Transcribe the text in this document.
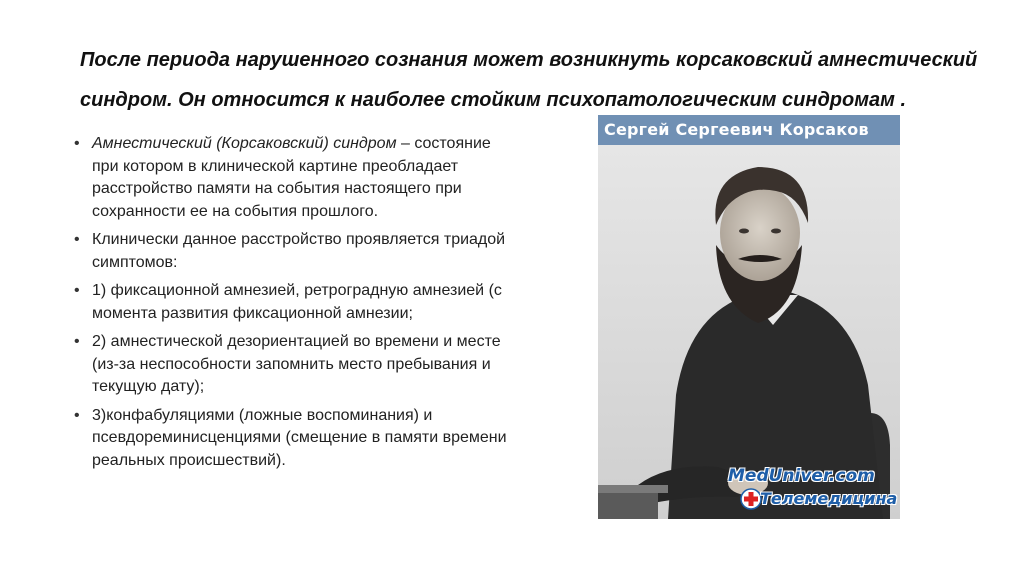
После периода нарушенного сознания может возникнуть корсаковский амнестический
синдром. Он относится к наиболее стойким психопатологическим синдромам .
• Амнестический (Корсаковский) синдром – состояние при котором в клинической картине преобладает расстройство памяти на события настоящего при сохранности ее на события прошлого.
• Клинически данное расстройство проявляется триадой симптомов:
• 1) фиксационной амнезией, ретроградную амнезией (с момента развития фиксационной амнезии;
• 2) амнестической дезориентацией во времени и месте (из-за неспособности запомнить место пребывания и текущую дату);
• 3)конфабуляциями (ложные воспоминания) и псевдореминисценциями (смещение в памяти времени реальных происшествий).
Сергей Сергеевич Корсаков
MedUniver.com
Телемедицина
